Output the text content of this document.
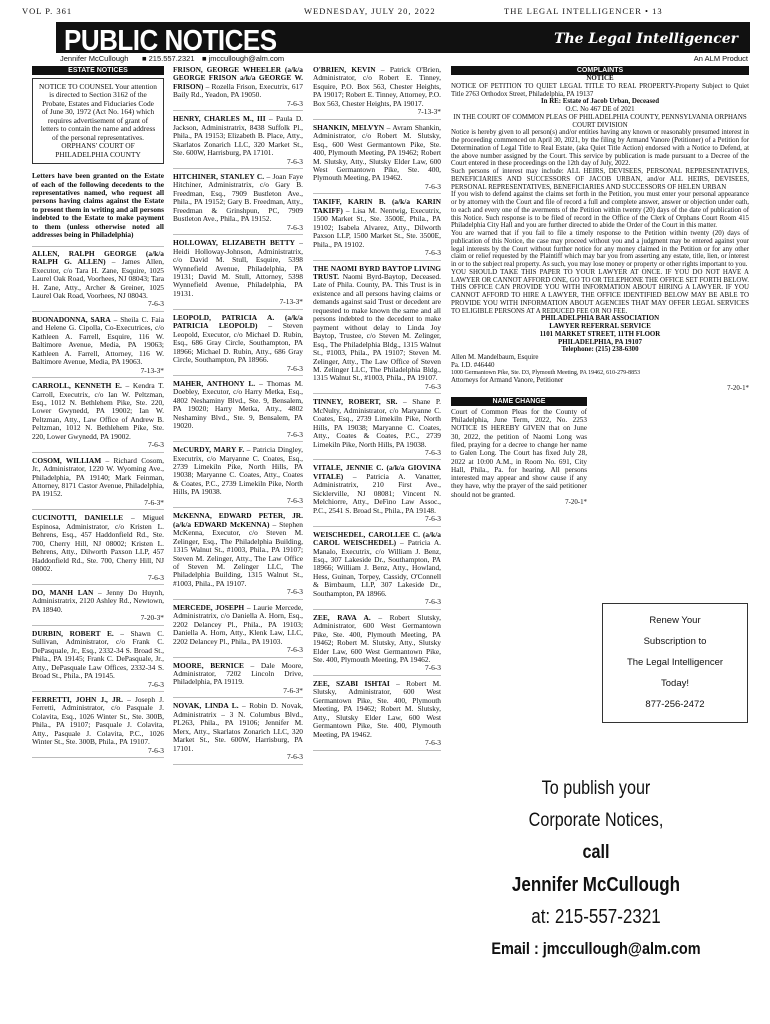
VOL P. 361	WEDNESDAY, JULY 20, 2022	THE LEGAL INTELLIGENCER • 13
PUBLIC NOTICES	The Legal Intelligencer
Jennifer McCullough ■ 215.557.2321 ■ jmccullough@alm.com	An ALM Product
ESTATE NOTICES

NOTICE TO COUNSEL Your attention is directed to Section 3162 of the Probate, Estates and Fiduciaries Code of June 30, 1972 (Act No. 164) which requires advertisement of grant of letters to contain the name and address of the personal representatives. ORPHANS' COURT OF PHILADELPHIA COUNTY

Letters have been granted on the Estate of each of the following decedents to the representatives named, who request all persons having claims against the Estate to present them in writing and all persons indebted to the Estate to make payment to them (unless otherwise noted all addresses being in Philadelphia)

ALLEN, RALPH GEORGE (a/k/a RALPH G. ALLEN) – James Allen, Executor, c/o Tara H. Zane, Esquire, 1025 Laurel Oak Road, Voorhees, NJ 08043; Tara H. Zane, Atty., Archer & Greiner, 1025 Laurel Oak Road, Voorhees, NJ 08043.

7-6-3

BUONADONNA, SARA – Sheila C. Faia and Helene G. Cipolla, Co-Executrices, c/o Kathleen A. Farrell, Esquire, 116 W. Baltimore Avenue, Media, PA 19063; Kathleen A. Farrell, Attorney, 116 W. Baltimore Avenue, Media, PA 19063.

7-13-3*

CARROLL, KENNETH E. – Kendra T. Carroll, Executrix, c/o Ian W. Peltzman, Esq., 1012 N. Bethlehem Pike, Ste. 220, Lower Gwynedd, PA 19002; Ian W. Peltzman, Atty., Law Office of Andrew B. Peltzman, 1012 N. Bethlehem Pike, Ste. 220, Lower Gwynedd, PA 19002.

7-6-3

COSOM, WILLIAM – Richard Cosom, Jr., Administrator, 1220 W. Wyoming Ave., Philadelphia, PA 19140; Mark Feinman, Attorney, 8171 Castor Avenue, Philadelphia, PA 19152.

7-6-3*

CUCINOTTI, DANIELLE – Miguel Espinosa, Administrator, c/o Kristen L. Behrens, Esq., 457 Haddonfield Rd., Ste. 700, Cherry Hill, NJ 08002; Kristen L. Behrens, Atty., Dilworth Paxson LLP, 457 Haddonfield Rd., Ste. 700, Cherry Hill, NJ 08002.

7-6-3

DO, MANH LAN – Jenny Do Huynh, Administratrix, 2120 Ashley Rd., Newtown, PA 18940.

7-20-3*

DURBIN, ROBERT E. – Shawn C. Sullivan, Administrator, c/o Frank C. DePasquale, Jr., Esq., 2332-34 S. Broad St., Phila., PA 19145; Frank C. DePasquale, Jr., Atty., DePasquale Law Offices, 2332-34 S. Broad St., Phila., PA 19145.

7-6-3

FERRETTI, JOHN J., JR. – Joseph J. Ferretti, Administrator, c/o Pasquale J. Colavita, Esq., 1026 Winter St., Ste. 300B, Phila., PA 19107; Pasquale J. Colavita, Atty., Pasquale J. Colavita, P.C., 1026 Winter St., Ste. 300B, Phila., PA 19107.

7-6-3

FRISON, GEORGE WHEELER (a/k/a GEORGE FRISON a/k/a GEORGE W. FRISON) – Rozella Frison, Executrix, 617 Baily Rd., Yeadon, PA 19050.

7-6-3

HENRY, CHARLES M., III – Paula D. Jackson, Administratrix, 8438 Suffolk Pl., Phila., PA 19153; Elizabeth B. Place, Atty., Skarlatos Zonarich LLC, 320 Market St., Ste. 600W, Harrisburg, PA 17101.

7-6-3

HITCHINER, STANLEY C. – Joan Faye Hitchiner, Administratrix, c/o Gary B. Freedman, Esq., 7909 Bustleton Ave., Phila., PA 19152; Gary B. Freedman, Atty., Freedman & Grinshpun, PC, 7909 Bustleton Ave., Phila., PA 19152.

7-6-3

HOLLOWAY, ELIZABETH BETTY – Heidi Holloway-Johnson, Administratrix, c/o David M. Stull, Esquire, 5398 Wynnefield Avenue, Philadelphia, PA 19131; David M. Stull, Attorney, 5398 Wynnefield Avenue, Philadelphia, PA 19131.

7-13-3*

LEOPOLD, PATRICIA A. (a/k/a PATRICIA LEOPOLD) – Steven Leopold, Executor, c/o Michael D. Rubin, Esq., 686 Gray Circle, Southampton, PA 18966; Michael D. Rubin, Atty., 686 Gray Circle, Southampton, PA 18966.

7-6-3

MAHER, ANTHONY L. – Thomas M. Doebley, Executor, c/o Harry Metka, Esq., 4802 Neshaminy Blvd., Ste. 9, Bensalem, PA 19020; Harry Metka, Atty., 4802 Neshaminy Blvd., Ste. 9, Bensalem, PA 19020.

7-6-3

McCURDY, MARY F. – Patricia Dingley, Executrix, c/o Maryanne C. Coates, Esq., 2739 Limekiln Pike, North Hills, PA 19038; Maryanne C. Coates, Atty., Coates & Coates, P.C., 2739 Limekiln Pike, North Hills, PA 19038.

7-6-3

McKENNA, EDWARD PETER, JR. (a/k/a EDWARD McKENNA) – Stephen McKenna, Executor, c/o Steven M. Zelinger, Esq., The Philadelphia Building, 1315 Walnut St., #1003, Phila., PA 19107; Steven M. Zelinger, Atty., The Law Office of Steven M. Zelinger LLC, The Philadelphia Building, 1315 Walnut St., #1003, Phila., PA 19107.

7-6-3

MERCEDE, JOSEPH – Laurie Mercede, Administratrix, c/o Daniella A. Horn, Esq., 2202 Delancey Pl., Phila., PA 19103; Daniella A. Horn, Atty., Klenk Law, LLC, 2202 Delancey Pl., Phila., PA 19103.

7-6-3

MOORE, BERNICE – Dale Moore, Administrator, 7202 Lincoln Drive, Philadelphia, PA 19119.

7-6-3*

NOVAK, LINDA L. – Robin D. Novak, Administratrix – 3 N. Columbus Blvd., PL263, Phila., PA 19106; Jennifer M. Merx, Atty., Skarlatos Zonarich LLC, 320 Market St., Ste. 600W, Harrisburg, PA 17101.

7-6-3

O'BRIEN, KEVIN – Patrick O'Brien, Administrator, c/o Robert E. Tinney, Esquire, P.O. Box 563, Chester Heights, PA 19017; Robert E. Tinney, Attorney, P.O. Box 563, Chester Heights, PA 19017.

7-13-3*

SHANKIN, MELVYN – Avram Shankin, Administrator, c/o Robert M. Slutsky, Esq., 600 West Germantown Pike, Ste. 400, Plymouth Meeting, PA 19462; Robert M. Slutsky, Atty., Slutsky Elder Law, 600 West Germantown Pike, Ste. 400, Plymouth Meeting, PA 19462.

7-6-3

TAKIFF, KARIN B. (a/k/a KARIN TAKIFF) – Lisa M. Nentwig, Executrix, 1500 Market St., Ste. 3500E, Phila., PA 19102; Isabela Alvarez, Atty., Dilworth Paxson LLP, 1500 Market St., Ste. 3500E, Phila., PA 19102.

7-6-3

THE NAOMI BYRD BAYTOP LIVING TRUST. Naomi Byrd-Baytop, Deceased. Late of Phila. County, PA. This Trust is in existence and all persons having claims or demands against said Trust or decedent are requested to make known the same and all persons indebted to the decedent to make payment without delay to Linda Joy Baytop, Trustee, c/o Steven M. Zelinger, Esq., The Philadelphia Bldg., 1315 Walnut St., #1003, Phila., PA 19107; Steven M. Zelinger, Atty., The Law Office of Steven M. Zelinger LLC, The Philadelphia Bldg., 1315 Walnut St., #1003, Phila., PA 19107.

7-6-3

TINNEY, ROBERT, SR. – Shane P. McNulty, Administrator, c/o Maryanne C. Coates, Esq., 2739 Limekiln Pike, North Hills, PA 19038; Maryanne C. Coates, Atty., Coates & Coates, P.C., 2739 Limekiln Pike, North Hills, PA 19038.

7-6-3

VITALE, JENNIE C. (a/k/a GIOVINA VITALE) – Patricia A. Vanatter, Administratrix, 210 First Ave., Sicklerville, NJ 08081; Vincent N. Melchiorre, Atty., DeFino Law Assoc., P.C., 2541 S. Broad St., Phila., PA 19148.

7-6-3

WEISCHEDEL, CAROLLEE C. (a/k/a CAROL WEISCHEDEL) – Patricia A. Manalo, Executrix, c/o William J. Benz, Esq., 307 Lakeside Dr., Southampton, PA 18966; William J. Benz, Atty., Howland, Hess, Guinan, Torpey, Cassidy, O'Connell & Birnbaum, LLP, 307 Lakeside Dr., Southampton, PA 18966.

7-6-3

ZEE, RAVA A. – Robert Slutsky, Administrator, 600 West Germantown Pike, Ste. 400, Plymouth Meeting, PA 19462; Robert M. Slutsky, Atty., Slutsky Elder Law, 600 West Germantown Pike, Ste. 400, Plymouth Meeting, PA 19462.

7-6-3

ZEE, SZABI ISHTAI – Robert M. Slutsky, Administrator, 600 West Germantown Pike, Ste. 400, Plymouth Meeting, PA 19462; Robert M. Slutsky, Atty., Slutsky Elder Law, 600 West Germantown Pike, Ste. 400, Plymouth Meeting, PA 19462.

7-6-3
COMPLAINTS

NOTICE

NOTICE OF PETITION TO QUIET LEGAL TITLE TO REAL PROPERTY-Property Subject to Quiet Title 2763 Orthodox Street, Philadelphia, PA 19137

In RE: Estate of Jacob Urban, Deceased

O.C. No 467 DE of 2021

IN THE COURT OF COMMON PLEAS OF PHILADELPHIA COUNTY, PENNSYLVANIA ORPHANS COURT DIVISION

Notice is hereby given to all person(s) and/or entities having any known or reasonably presumed interest in the proceeding commenced on April 30, 2021, by the filing by Armand Vanore (Petitioner) of a Petition for Determination of Legal Title to Real Estate, (aka Quiet Title Action) endorsed with a Notice to Defend, at the above number assigned by the Court. This service by publication is made pursuant to a Decree of the Court entered in these proceedings on the 12th day of July, 2022.

Such persons of interest may include: ALL HEIRS, DEVISEES, PERSONAL REPRESENTATIVES, BENEFICIARIES AND SUCCESSORS OF JACOB URBAN, and/or ALL HEIRS, DEVISEES, PERSONAL REPRESENTATIVES, BENEFICIARIES AND SUCCESSORS OF HELEN URBAN

If you wish to defend against the claims set forth in the Petition, you must enter your personal appearance or by attorney with the Court and file of record a full and complete answer, answer or objection under oath, to each and every one of the averments of the Petition within twenty (20) days of the date of publication of this Notice. Such response is to be filed of record in the Office of the Clerk of Orphans Court Room 415 Philadelphia City Hall and you are further directed to abide the Order of the Court in this matter.

You are warned that if you fail to file a timely response to the Petition within twenty (20) days of publication of this Notice, the case may proceed without you and a judgment may be entered against your legal interests by the Court without further notice for any money claimed in the Petition or for any other claim or relief requested by the Plaintiff which may bar you from asserting any estate, title, lien, or interest in or to the subject real property. As such, you may lose money or property or other rights important to you.

YOU SHOULD TAKE THIS PAPER TO YOUR LAWYER AT ONCE. IF YOU DO NOT HAVE A LAWYER OR CANNOT AFFORD ONE, GO TO OR TELEPHONE THE OFFICE SET FORTH BELOW. THIS OFFICE CAN PROVIDE YOU WITH INFORMATION ABOUT HIRING A LAWYER. IF YOU CANNOT AFFORD TO HIRE A LAWYER, THE OFFICE IDENTIFIED BELOW MAY BE ABLE TO PROVIDE YOU WITH INFORMATION ABOUT AGENCIES THAT MAY OFFER LEGAL SERVICES TO ELIGIBLE PERSONS AT A REDUCED FEE OR NO FEE.

PHILADELPHIA BAR ASSOCIATION

LAWYER REFERRAL SERVICE

1101 MARKET STREET, 11TH FLOOR

PHILADELPHIA, PA 19107

Telephone: (215) 238-6300

Allen M. Mandelbaum, Esquire

Pa. I.D. #46440

1000 Germantown Pike, Ste. D3, Plymouth Meeting, PA 19462, 610-279-8853

Attorneys for Armand Vanore, Petitioner

7-20-1*
NAME CHANGE

Court of Common Pleas for the County of Philadelphia, June Term, 2022, No. 2253 NOTICE IS HEREBY GIVEN that on June 30, 2022, the petition of Naomi Long was filed, praying for a decree to change her name to Galen Long. The Court has fixed July 28, 2022 at 10:00 A.M., in Room No. 691, City Hall, Phila., Pa. for hearing. All persons interested may appear and show cause if any they have, why the prayer of the said petitioner should not be granted.

7-20-1*
Renew Your
Subscription to
The Legal Intelligencer
Today!
877-256-2472
To publish your
Corporate Notices,
call
Jennifer McCullough
at: 215-557-2321
Email : jmccullough@alm.com
